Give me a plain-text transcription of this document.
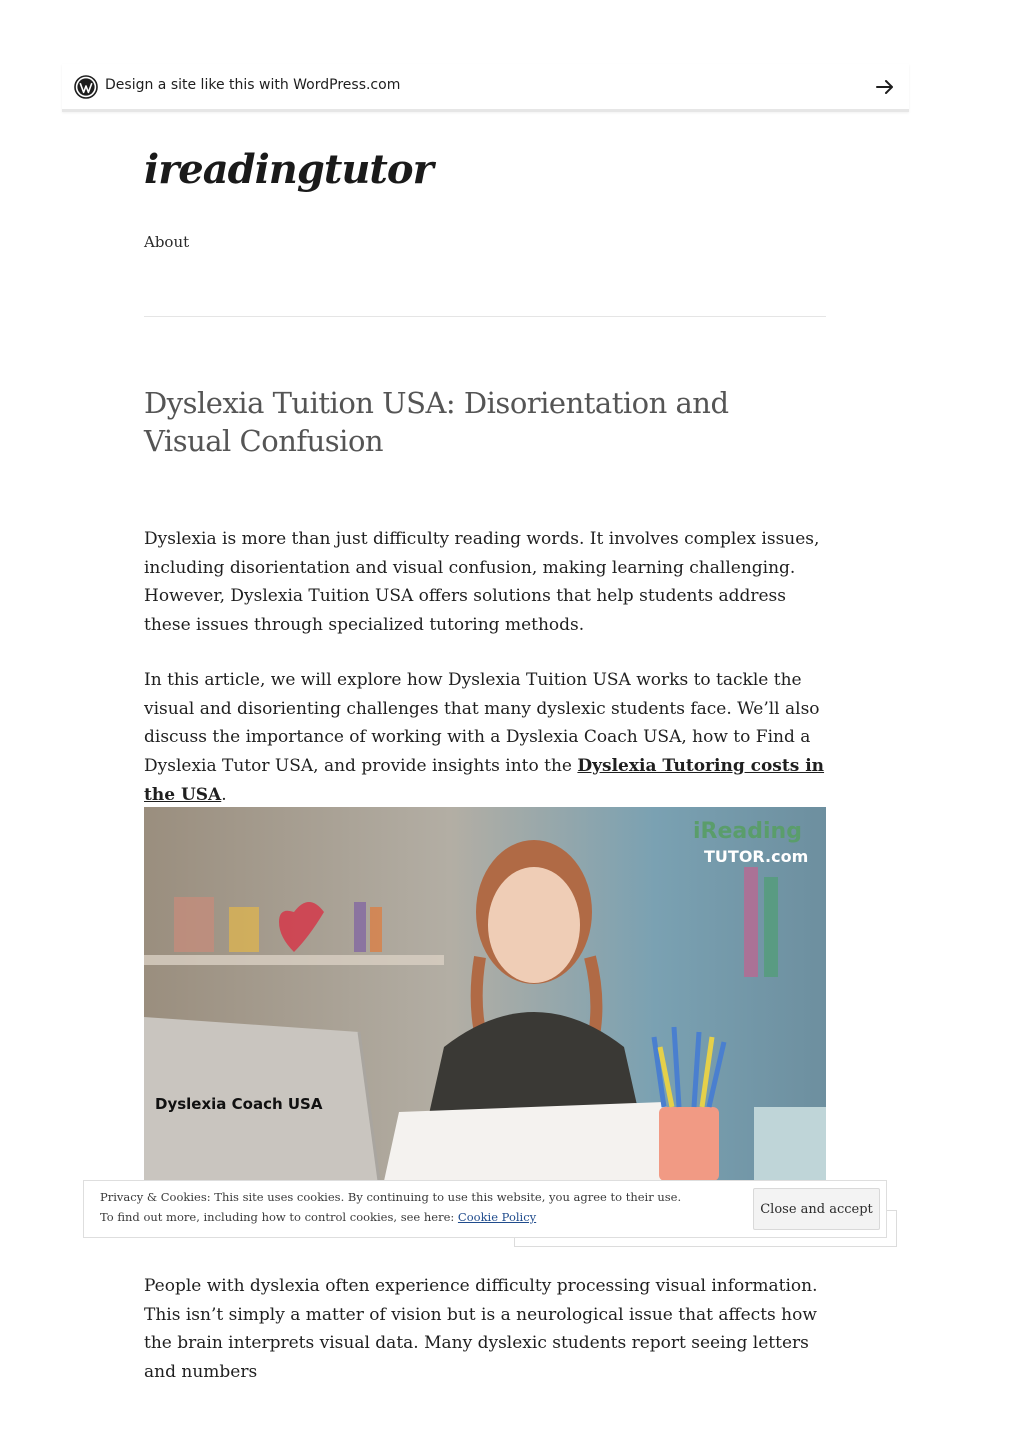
Design a site like this with WordPress.com
ireadingtutor
About
Dyslexia Tuition USA: Disorientation and Visual Confusion

Dyslexia is more than just difficulty reading words. It involves complex issues, including disorientation and visual confusion, making learning challenging. However, Dyslexia Tuition USA offers solutions that help students address these issues through specialized tutoring methods.

In this article, we will explore how Dyslexia Tuition USA works to tackle the visual and disorienting challenges that many dyslexic students face. We’ll also discuss the importance of working with a Dyslexia Coach USA, how to Find a Dyslexia Tutor USA, and provide insights into the Dyslexia Tutoring costs in the USA.

iReading
TUTOR.com
Dyslexia Coach USA

People with dyslexia often experience difficulty processing visual information. This isn’t simply a matter of vision but is a neurological issue that affects how the brain interprets visual data. Many dyslexic students report seeing letters and numbers

Privacy & Cookies: This site uses cookies. By continuing to use this website, you agree to their use.
To find out more, including how to control cookies, see here: Cookie Policy
Close and accept
